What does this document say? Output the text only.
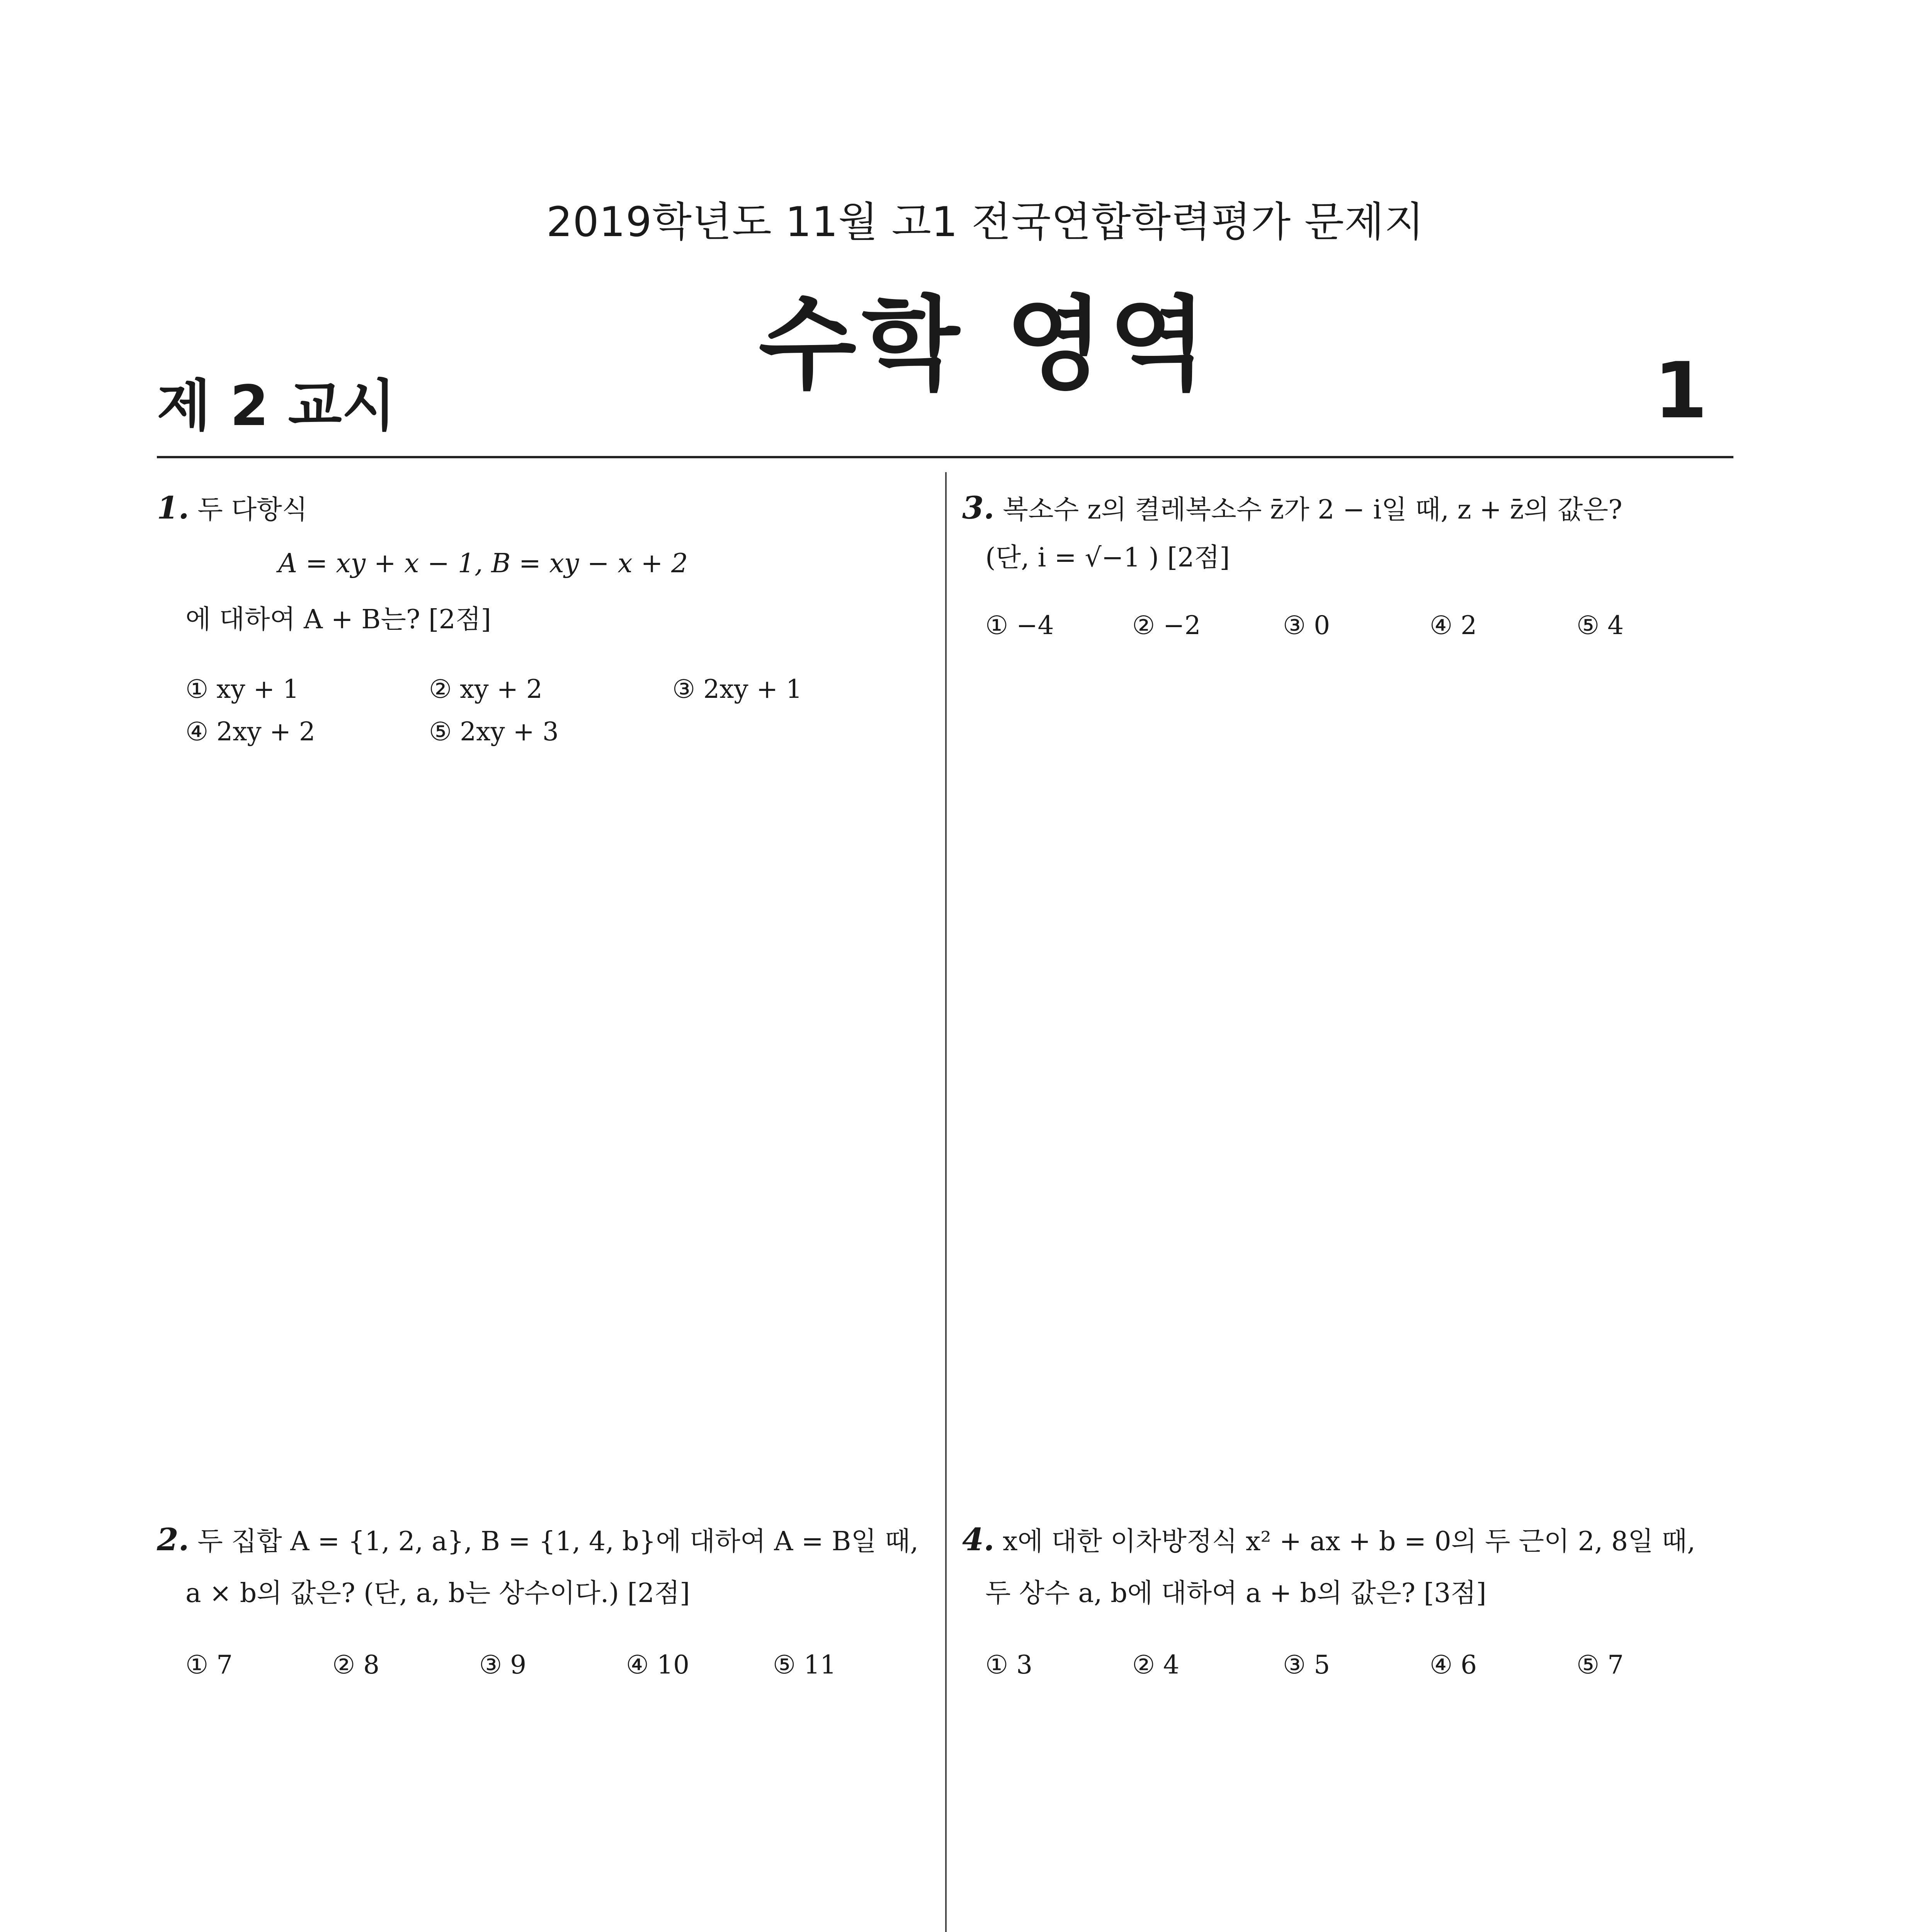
2019학년도 11월 고1 전국연합학력평가 문제지
수학 영역
제 2 교시	1
1. 두 다항식
A = xy + x − 1, B = xy − x + 2
에 대하여 A + B는? [2점]
① xy + 1	② xy + 2	③ 2xy + 1
④ 2xy + 2	⑤ 2xy + 3
3. 복소수 z의 켤레복소수 z̄가 2 − i일 때, z + z̄의 값은?
(단, i = √−1 ) [2점]
① −4	② −2	③ 0	④ 2	⑤ 4
2. 두 집합 A = {1, 2, a}, B = {1, 4, b}에 대하여 A = B일 때,
a × b의 값은? (단, a, b는 상수이다.) [2점]
① 7	② 8	③ 9	④ 10	⑤ 11
4. x에 대한 이차방정식 x² + ax + b = 0의 두 근이 2, 8일 때,
두 상수 a, b에 대하여 a + b의 값은? [3점]
① 3	② 4	③ 5	④ 6	⑤ 7
